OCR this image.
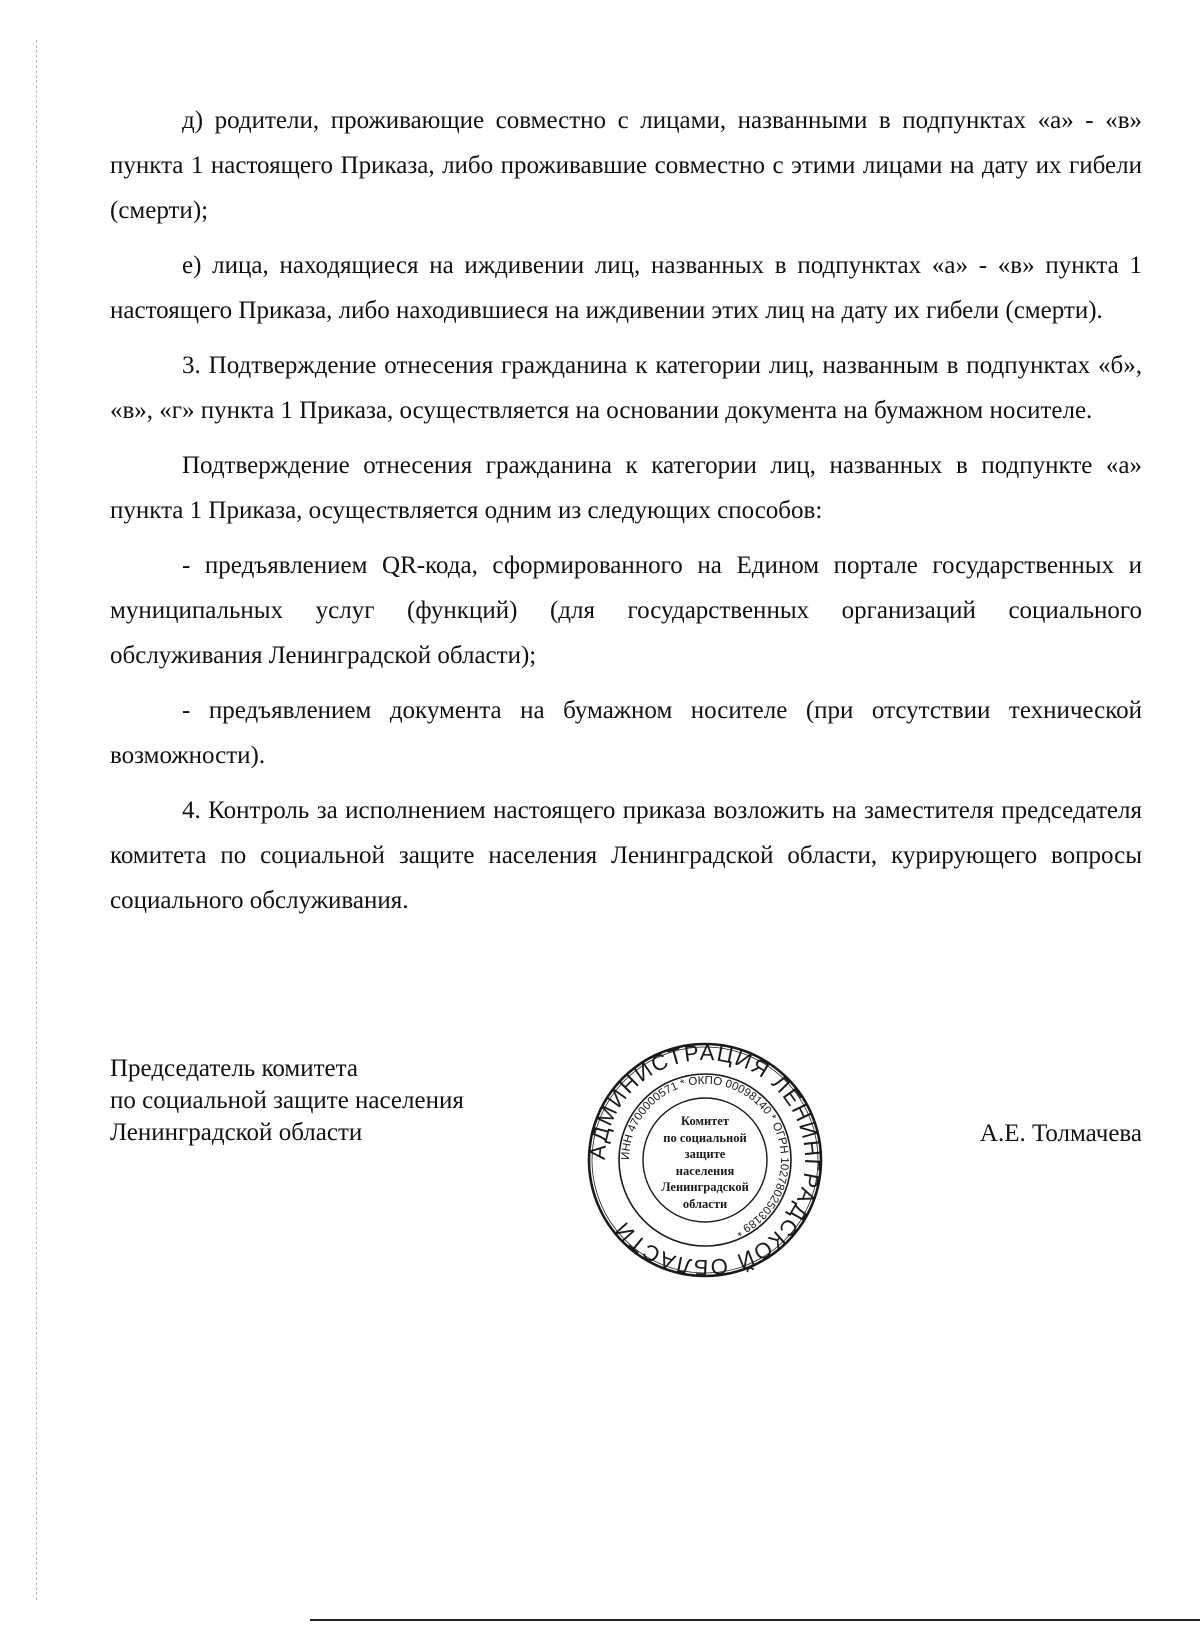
д) родители, проживающие совместно с лицами, названными в подпунктах «а» - «в» пункта 1 настоящего Приказа, либо проживавшие совместно с этими лицами на дату их гибели (смерти);

е) лица, находящиеся на иждивении лиц, названных в подпунктах «а» - «в» пункта 1 настоящего Приказа, либо находившиеся на иждивении этих лиц на дату их гибели (смерти).

3. Подтверждение отнесения гражданина к категории лиц, названным в подпунктах «б», «в», «г» пункта 1 Приказа, осуществляется на основании документа на бумажном носителе.

Подтверждение отнесения гражданина к категории лиц, названных в подпункте «а» пункта 1 Приказа, осуществляется одним из следующих способов:

- предъявлением QR-кода, сформированного на Едином портале государственных и муниципальных услуг (функций) (для государственных организаций социального обслуживания Ленинградской области);

- предъявлением документа на бумажном носителе (при отсутствии технической возможности).

4. Контроль за исполнением настоящего приказа возложить на заместителя председателя комитета по социальной защите населения Ленинградской области, курирующего вопросы социального обслуживания.

Председатель комитета
по социальной защите населения
Ленинградской области
АДМИНИСТРАЦИЯ ЛЕНИНГРАДСКОЙ ОБЛАСТИ
ИНН 4700000571 * ОКПО 00098140 * ОГРН 1027802503189 *
Комитет
по социальной
защите
населения
Ленинградской
области
А.Е. Толмачева
